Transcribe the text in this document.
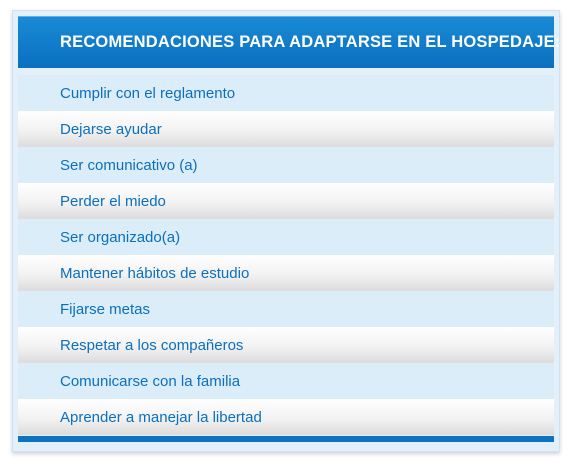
RECOMENDACIONES PARA ADAPTARSE EN EL HOSPEDAJE:
Cumplir con el reglamento
Dejarse ayudar
Ser comunicativo (a)
Perder el miedo
Ser organizado(a)
Mantener hábitos de estudio
Fijarse metas
Respetar a los compañeros
Comunicarse con la familia
Aprender a manejar la libertad
